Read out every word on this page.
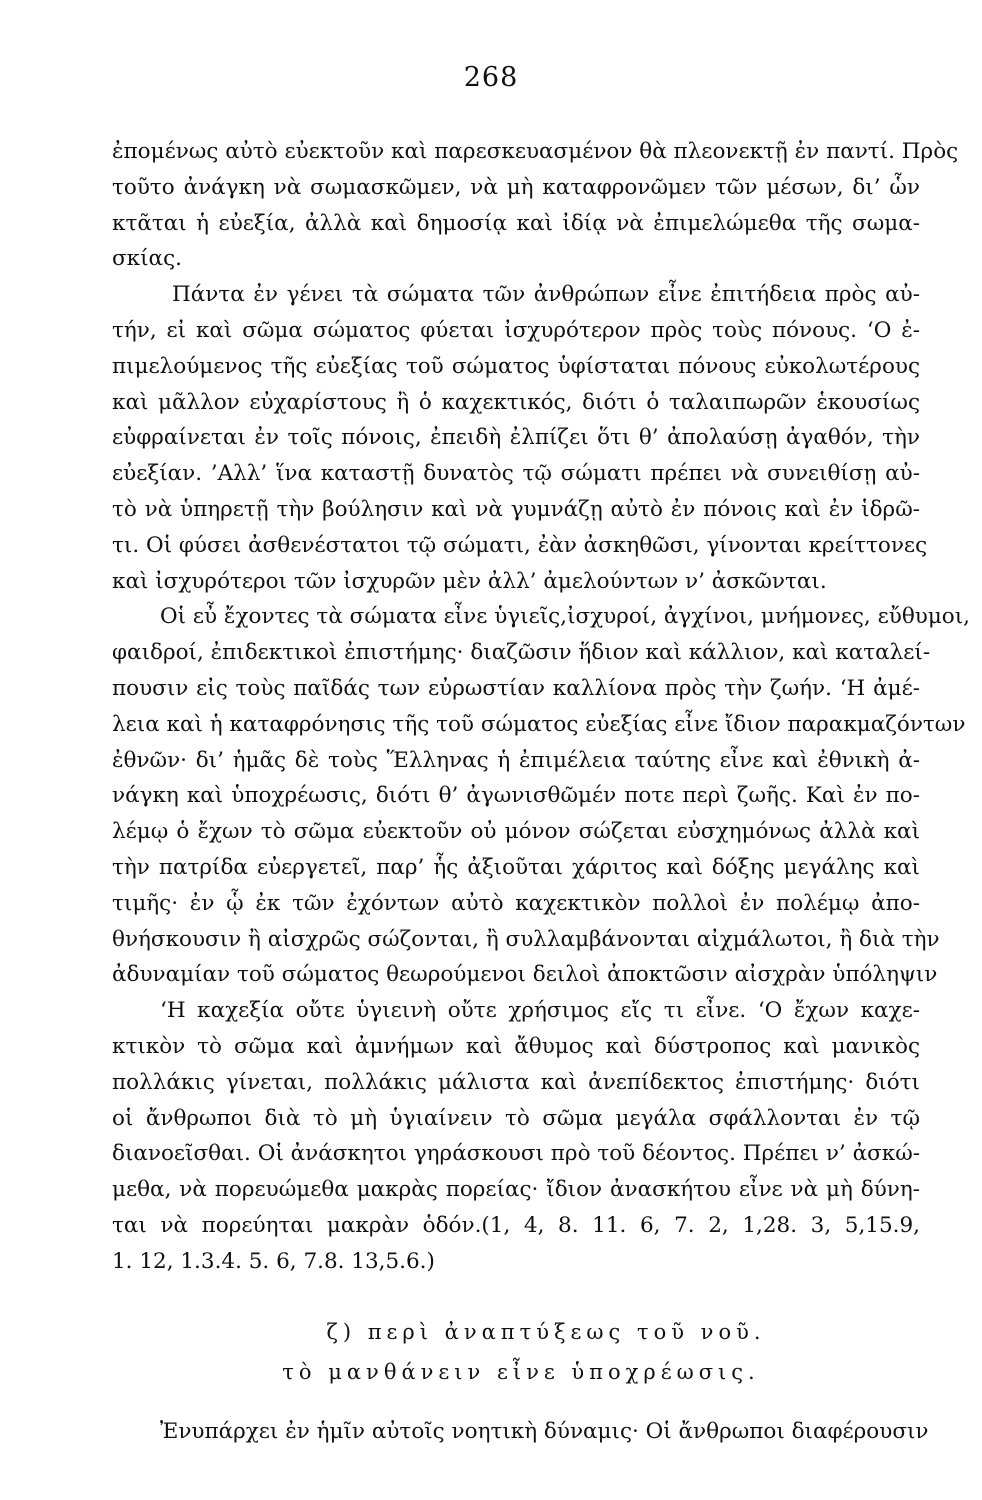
268
ἐπομένως αὐτὸ εὐεκτοῦν καὶ παρεσκευασμένον θὰ πλεονεκτῇ ἐν παντί. Πρὸς
τοῦτο ἀνάγκη νὰ σωμασκῶμεν, νὰ μὴ καταφρονῶμεν τῶν μέσων, δι’ ὧν
κτᾶται ἡ εὐεξία, ἀλλὰ καὶ δημοσίᾳ καὶ ἰδίᾳ νὰ ἐπιμελώμεθα τῆς σωμα-
σκίας.
Πάντα ἐν γένει τὰ σώματα τῶν ἀνθρώπων εἶνε ἐπιτήδεια πρὸς αὐ-
τήν, εἰ καὶ σῶμα σώματος φύεται ἰσχυρότερον πρὸς τοὺς πόνους. ‘Ο ἐ-
πιμελούμενος τῆς εὐεξίας τοῦ σώματος ὑφίσταται πόνους εὐκολωτέρους
καὶ μᾶλλον εὐχαρίστους ἢ ὁ καχεκτικός, διότι ὁ ταλαιπωρῶν ἑκουσίως
εὐφραίνεται ἐν τοῖς πόνοις, ἐπειδὴ ἐλπίζει ὅτι θ’ ἀπολαύσῃ ἀγαθόν, τὴν
εὐεξίαν. ’Αλλ’ ἵνα καταστῇ δυνατὸς τῷ σώματι πρέπει νὰ συνειθίσῃ αὐ-
τὸ νὰ ὑπηρετῇ τὴν βούλησιν καὶ νὰ γυμνάζῃ αὐτὸ ἐν πόνοις καὶ ἐν ἱδρῶ-
τι. Οἱ φύσει ἀσθενέστατοι τῷ σώματι, ἐὰν ἀσκηθῶσι, γίνονται κρείττονες
καὶ ἰσχυρότεροι τῶν ἰσχυρῶν μὲν ἀλλ’ ἀμελούντων ν’ ἀσκῶνται.
Οἱ εὖ ἔχοντες τὰ σώματα εἶνε ὑγιεῖς,ἰσχυροί, ἀγχίνοι, μνήμονες, εὔθυμοι,
φαιδροί, ἐπιδεκτικοὶ ἐπιστήμης· διαζῶσιν ἥδιον καὶ κάλλιον, καὶ καταλεί-
πουσιν εἰς τοὺς παῖδάς των εὐρωστίαν καλλίονα πρὸς τὴν ζωήν. ‘Η ἀμέ-
λεια καὶ ἡ καταφρόνησις τῆς τοῦ σώματος εὐεξίας εἶνε ἴδιον παρακμαζόντων
ἐθνῶν· δι’ ἡμᾶς δὲ τοὺς Ἕλληνας ἡ ἐπιμέλεια ταύτης εἶνε καὶ ἐθνικὴ ἀ-
νάγκη καὶ ὑποχρέωσις, διότι θ’ ἀγωνισθῶμέν ποτε περὶ ζωῆς. Καὶ ἐν πο-
λέμῳ ὁ ἔχων τὸ σῶμα εὐεκτοῦν οὐ μόνον σώζεται εὐσχημόνως ἀλλὰ καὶ
τὴν πατρίδα εὐεργετεῖ, παρ’ ἧς ἀξιοῦται χάριτος καὶ δόξης μεγάλης καὶ
τιμῆς· ἐν ᾧ ἐκ τῶν ἐχόντων αὐτὸ καχεκτικὸν πολλοὶ ἐν πολέμῳ ἀπο-
θνήσκουσιν ἢ αἰσχρῶς σώζονται, ἢ συλλαμβάνονται αἰχμάλωτοι, ἢ διὰ τὴν
ἀδυναμίαν τοῦ σώματος θεωρούμενοι δειλοὶ ἀποκτῶσιν αἰσχρὰν ὑπόληψιν
‘Η καχεξία οὔτε ὑγιεινὴ οὔτε χρήσιμος εἴς τι εἶνε. ‘Ο ἔχων καχε-
κτικὸν τὸ σῶμα καὶ ἀμνήμων καὶ ἄθυμος καὶ δύστροπος καὶ μανικὸς
πολλάκις γίνεται, πολλάκις μάλιστα καὶ ἀνεπίδεκτος ἐπιστήμης· διότι
οἱ ἄνθρωποι διὰ τὸ μὴ ὑγιαίνειν τὸ σῶμα μεγάλα σφάλλονται ἐν τῷ
διανοεῖσθαι. Οἱ ἀνάσκητοι γηράσκουσι πρὸ τοῦ δέοντος. Πρέπει ν’ ἀσκώ-
μεθα, νὰ πορευώμεθα μακρὰς πορείας· ἴδιον ἀνασκήτου εἶνε νὰ μὴ δύνη-
ται νὰ πορεύηται μακρὰν ὁδόν.(1, 4, 8. 11. 6, 7. 2, 1,28. 3, 5,15.9,
1. 12, 1.3.4. 5. 6, 7.8. 13,5.6.)
ζ) περὶ ἀναπτύξεως τοῦ νοῦ.
τὸ μανθάνειν εἶνε ὑποχρέωσις.
Ἐνυπάρχει ἐν ἡμῖν αὐτοῖς νοητικὴ δύναμις· Οἱ ἄνθρωποι διαφέρουσιν
